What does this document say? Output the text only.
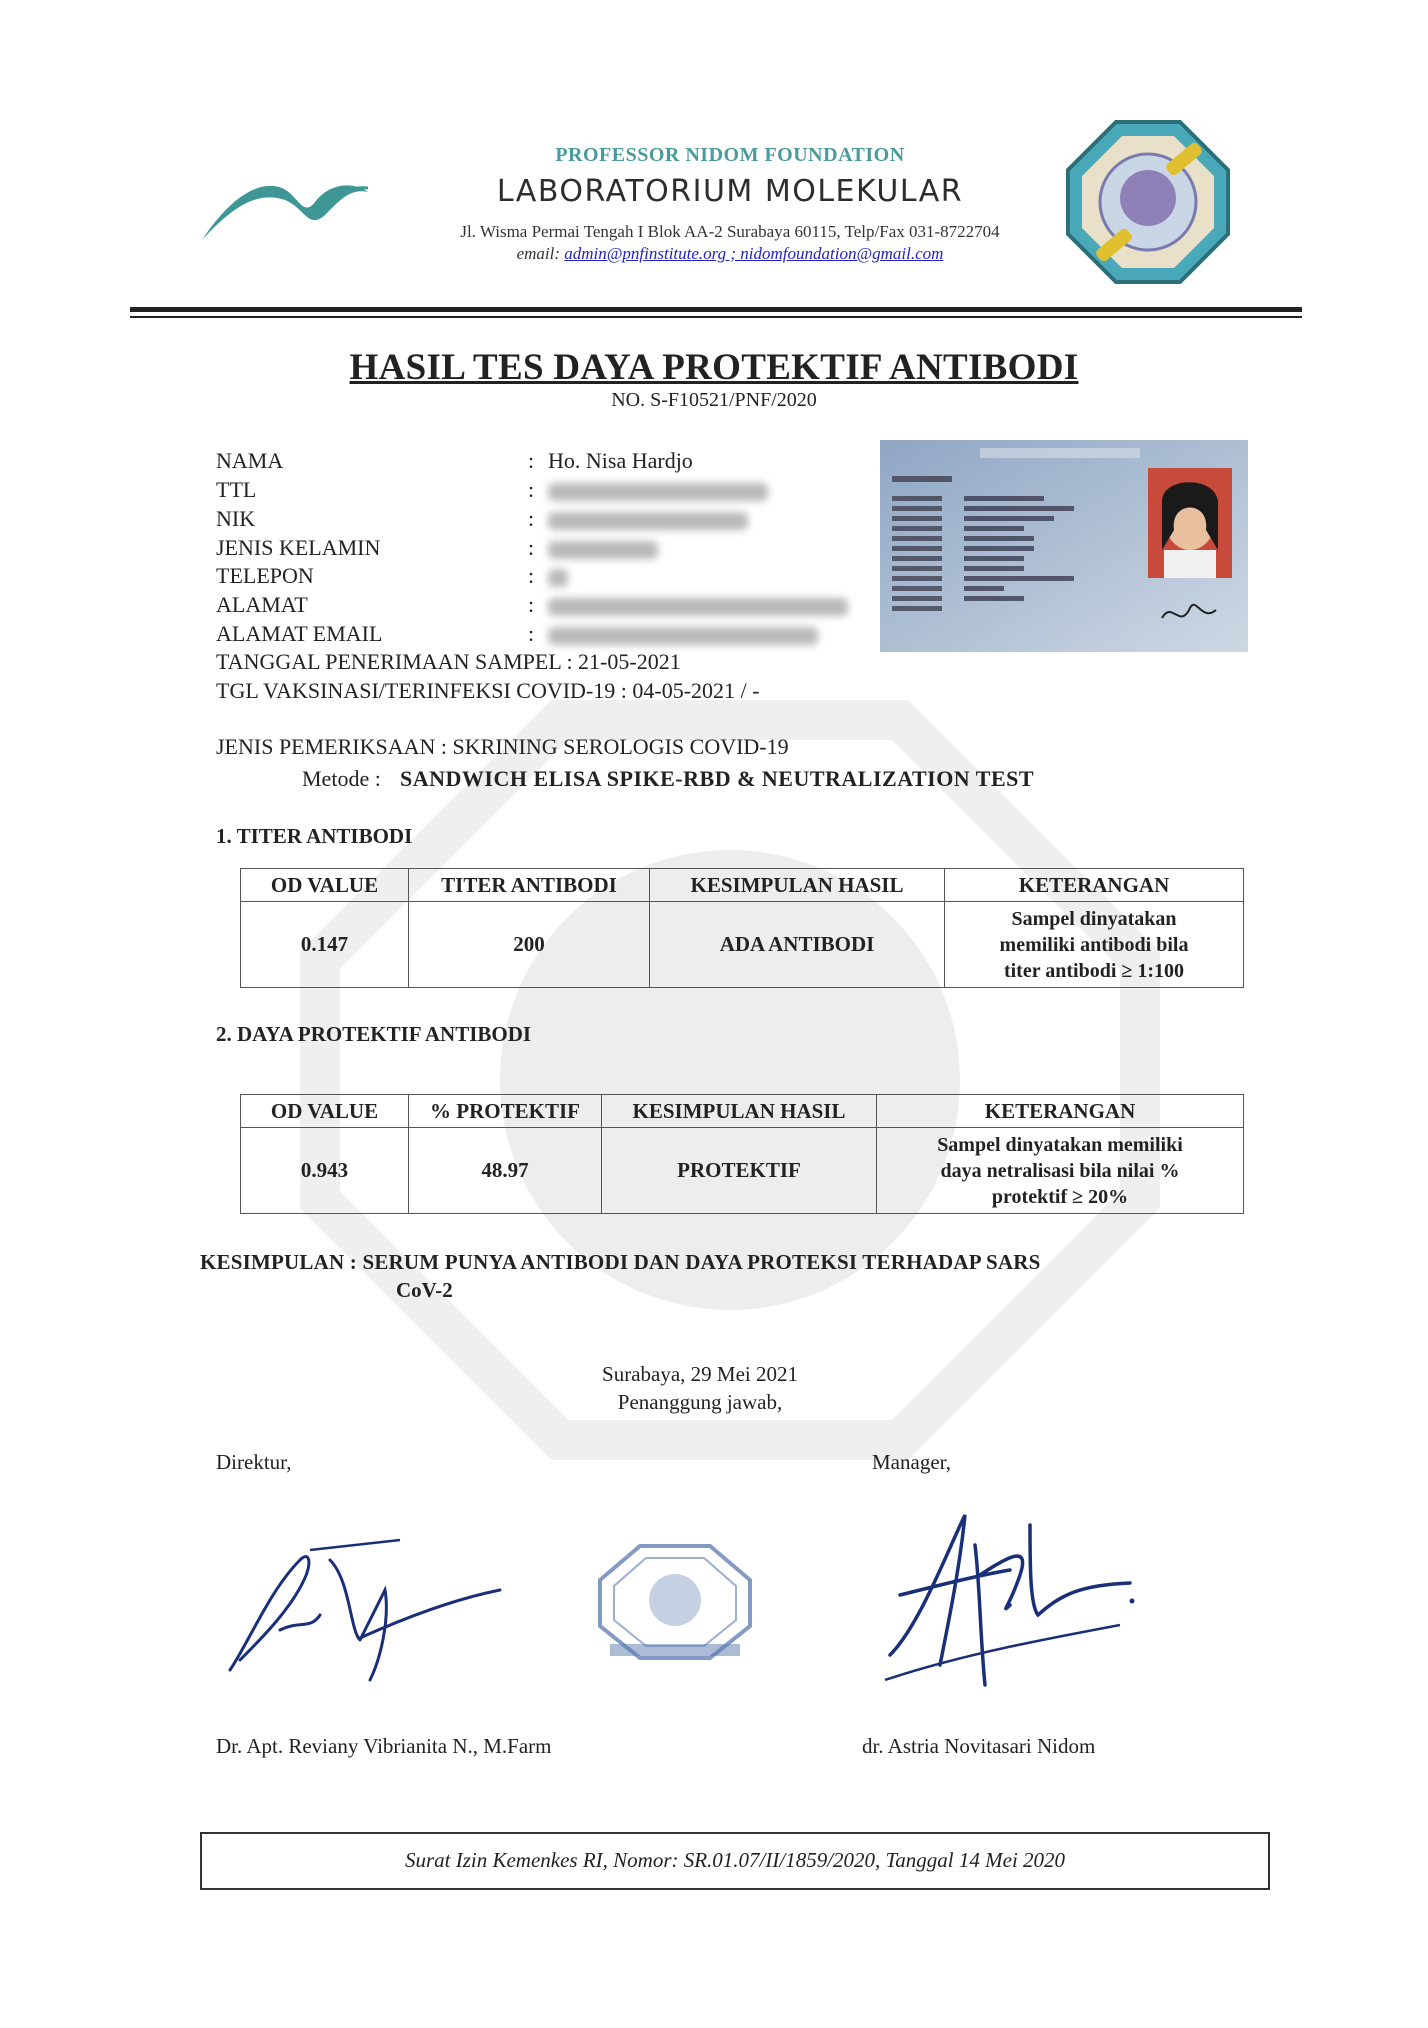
PROFESSOR NIDOM FOUNDATION
LABORATORIUM MOLEKULAR
Jl. Wisma Permai Tengah I Blok AA-2 Surabaya 60115, Telp/Fax 031-8722704
email: admin@pnfinstitute.org ; nidomfoundation@gmail.com
HASIL TES DAYA PROTEKTIF ANTIBODI
NO. S-F10521/PNF/2020
NAMA	: Ho. Nisa Hardjo
TTL	:
NIK	:
JENIS KELAMIN	:
TELEPON	:
ALAMAT	:
ALAMAT EMAIL	:
TANGGAL PENERIMAAN SAMPEL : 21-05-2021
TGL VAKSINASI/TERINFEKSI COVID-19 : 04-05-2021 / -
JENIS PEMERIKSAAN : SKRINING SEROLOGIS COVID-19
Metode : SANDWICH ELISA SPIKE-RBD & NEUTRALIZATION TEST
1. TITER ANTIBODI
OD VALUE	TITER ANTIBODI	KESIMPULAN HASIL	KETERANGAN
0.147	200	ADA ANTIBODI	Sampel dinyatakan
memiliki antibodi bila
titer antibodi ≥ 1:100
2. DAYA PROTEKTIF ANTIBODI
OD VALUE	% PROTEKTIF	KESIMPULAN HASIL	KETERANGAN
0.943	48.97	PROTEKTIF	Sampel dinyatakan memiliki
daya netralisasi bila nilai %
protektif ≥ 20%
KESIMPULAN : SERUM PUNYA ANTIBODI DAN DAYA PROTEKSI TERHADAP SARS
CoV-2
Surabaya, 29 Mei 2021
Penanggung jawab,
Direktur,	Manager,
Dr. Apt. Reviany Vibrianita N., M.Farm	dr. Astria Novitasari Nidom
Surat Izin Kemenkes RI, Nomor: SR.01.07/II/1859/2020, Tanggal 14 Mei 2020
